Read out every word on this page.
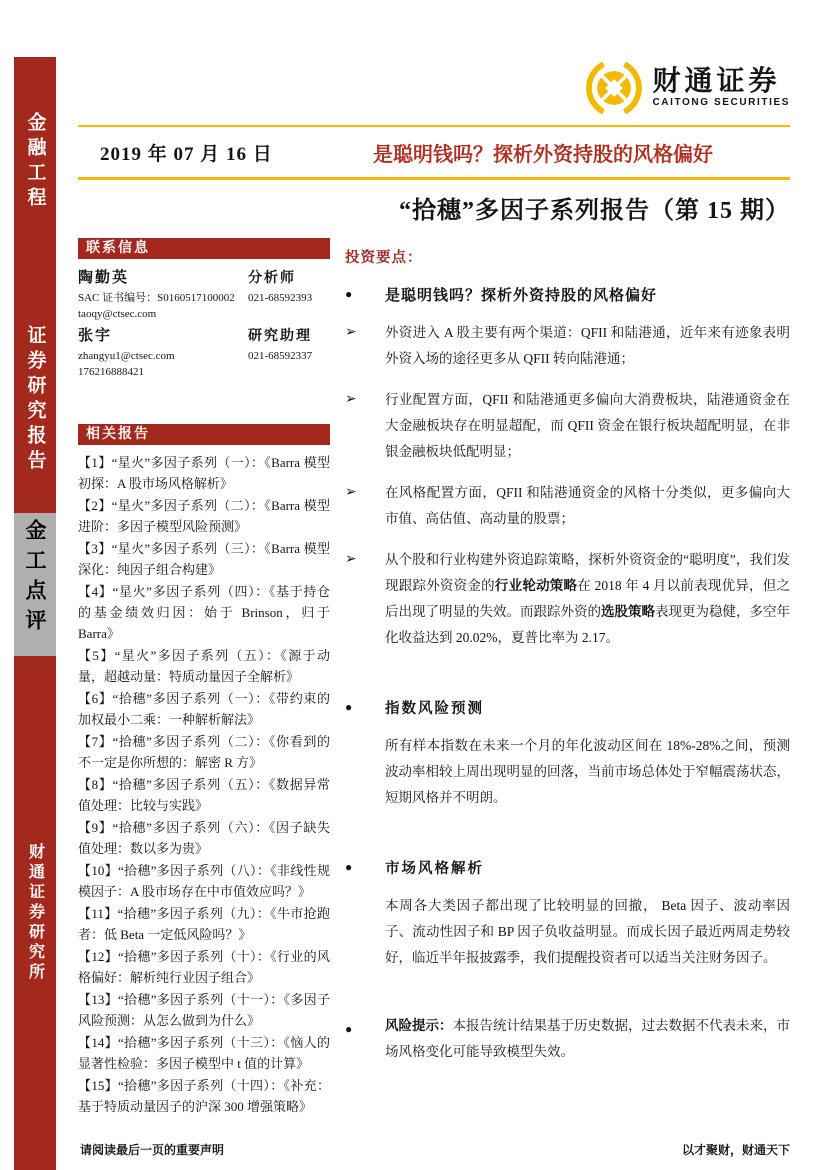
金融工程
证券研究报告
金工点评
财通证券研究所
财通证券
CAITONG SECURITIES
2019 年 07 月 16 日	是聪明钱吗？探析外资持股的风格偏好
“拾穗”多因子系列报告（第 15 期）
联系信息
陶勤英	分析师
SAC 证书编号：S0160517100002	021-68592393
taoqy@ctsec.com
张宇	研究助理
zhangyu1@ctsec.com	021-68592337
176216888421
相关报告

【1】“星火”多因子系列（一）：《Barra 模型初探：A 股市场风格解析》

【2】“星火”多因子系列（二）：《Barra 模型进阶：多因子模型风险预测》

【3】“星火”多因子系列（三）：《Barra 模型深化：纯因子组合构建》

【4】“星火”多因子系列（四）：《基于持仓的基金绩效归因：始于 Brinson，归于 Barra》

【5】“星火”多因子系列（五）：《源于动量，超越动量：特质动量因子全解析》

【6】“拾穗”多因子系列（一）：《带约束的加权最小二乘：一种解析解法》

【7】“拾穗”多因子系列（二）：《你看到的不一定是你所想的：解密 R 方》

【8】“拾穗”多因子系列（五）：《数据异常值处理：比较与实践》

【9】“拾穗”多因子系列（六）：《因子缺失值处理：数以多为贵》

【10】“拾穗”多因子系列（八）：《非线性规模因子：A 股市场存在中市值效应吗？》

【11】“拾穗”多因子系列（九）：《牛市抢跑者：低 Beta 一定低风险吗？》

【12】“拾穗”多因子系列（十）：《行业的风格偏好：解析纯行业因子组合》

【13】“拾穗”多因子系列（十一）：《多因子风险预测：从怎么做到为什么》

【14】“拾穗”多因子系列（十三）：《恼人的显著性检验：多因子模型中 t 值的计算》

【15】“拾穗”多因子系列（十四）：《补充：基于特质动量因子的沪深 300 增强策略》

投资要点：
●	是聪明钱吗？探析外资持股的风格偏好
➢	外资进入 A 股主要有两个渠道：QFII 和陆港通，近年来有迹象表明外资入场的途径更多从 QFII 转向陆港通；
➢	行业配置方面，QFII 和陆港通更多偏向大消费板块，陆港通资金在大金融板块存在明显超配，而 QFII 资金在银行板块超配明显，在非银金融板块低配明显；
➢	在风格配置方面，QFII 和陆港通资金的风格十分类似，更多偏向大市值、高估值、高动量的股票；
➢	从个股和行业构建外资追踪策略，探析外资资金的“聪明度”，我们发现跟踪外资资金的行业轮动策略在 2018 年 4 月以前表现优异，但之后出现了明显的失效。而跟踪外资的选股策略表现更为稳健，多空年化收益达到 20.02%，夏普比率为 2.17。
●	指数风险预测

所有样本指数在未来一个月的年化波动区间在 18%-28%之间，预测波动率相较上周出现明显的回落，当前市场总体处于窄幅震荡状态，短期风格并不明朗。

●	市场风格解析

本周各大类因子都出现了比较明显的回撤， Beta 因子、波动率因子、流动性因子和 BP 因子负收益明显。而成长因子最近两周走势较好，临近半年报披露季，我们提醒投资者可以适当关注财务因子。

●	风险提示：本报告统计结果基于历史数据，过去数据不代表未来，市场风格变化可能导致模型失效。
请阅读最后一页的重要声明	以才聚财，财通天下
